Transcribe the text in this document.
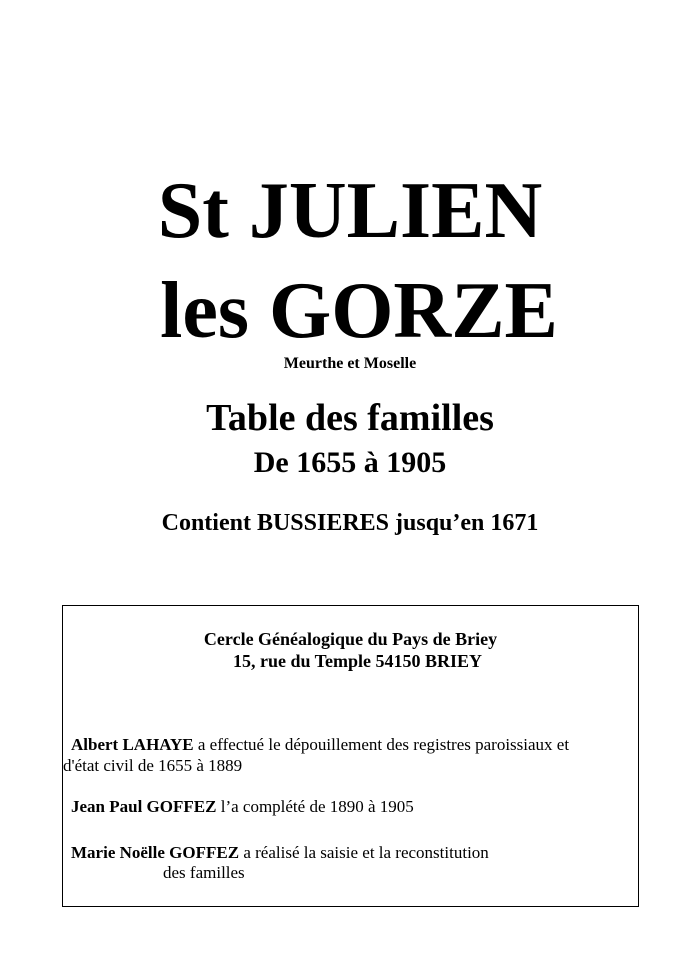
St JULIEN
les GORZE
Meurthe et Moselle
Table des familles
De 1655 à 1905
Contient BUSSIERES jusqu’en 1671
Cercle Généalogique du Pays de Briey
15, rue du Temple 54150 BRIEY
Albert LAHAYE a effectué le dépouillement des registres paroissiaux et
d'état civil de 1655 à 1889
Jean Paul GOFFEZ l’a complété de 1890 à 1905
Marie Noëlle GOFFEZ a réalisé la saisie et la reconstitution
des familles
